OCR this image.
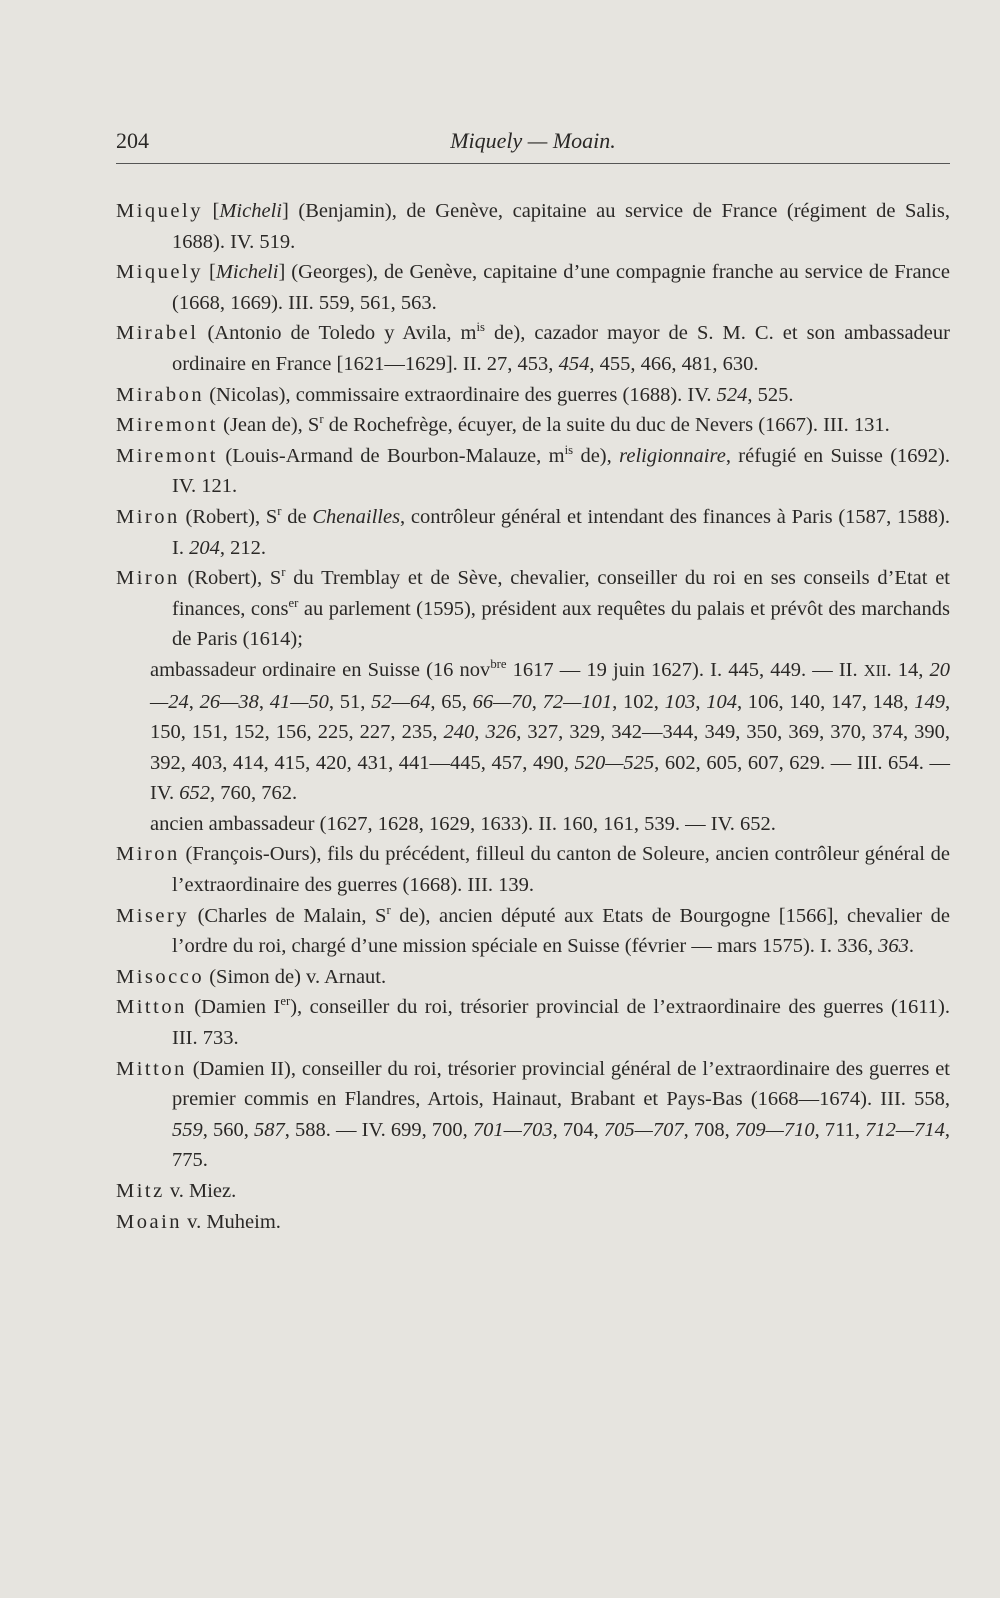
204	Miquely — Moain.

Miquely [Micheli] (Benjamin), de Genève, capitaine au service de France (régiment de Salis, 1688). IV. 519.

Miquely [Micheli] (Georges), de Genève, capitaine d’une compagnie franche au service de France (1668, 1669). III. 559, 561, 563.

Mirabel (Antonio de Toledo y Avila, $m^{is}$ de), cazador mayor de S. M. C. et son ambassadeur ordinaire en France [1621—1629]. II. 27, 453, 454, 455, 466, 481, 630.

Mirabon (Nicolas), commissaire extraordinaire des guerres (1688). IV. 524, 525.

Miremont (Jean de), $S^r$ de Rochefrège, écuyer, de la suite du duc de Nevers (1667). III. 131.

Miremont (Louis-Armand de Bourbon-Malauze, $m^{is}$ de), religionnaire, réfugié en Suisse (1692). IV. 121.

Miron (Robert), $S^r$ de Chenailles, contrôleur général et intendant des finances à Paris (1587, 1588). I. 204, 212.

Miron (Robert), $S^r$ du Tremblay et de Sève, chevalier, conseiller du roi en ses conseils d’Etat et finances, cons$^{er}$ au parlement (1595), président aux requêtes du palais et prévôt des marchands de Paris (1614);

ambassadeur ordinaire en Suisse (16 nov$^{bre}$ 1617 — 19 juin 1627). I. 445, 449. — II. XII. 14, 20—24, 26—38, 41—50, 51, 52—64, 65, 66—70, 72—101, 102, 103, 104, 106, 140, 147, 148, 149, 150, 151, 152, 156, 225, 227, 235, 240, 326, 327, 329, 342—344, 349, 350, 369, 370, 374, 390, 392, 403, 414, 415, 420, 431, 441—445, 457, 490, 520—525, 602, 605, 607, 629. — III. 654. — IV. 652, 760, 762.

ancien ambassadeur (1627, 1628, 1629, 1633). II. 160, 161, 539. — IV. 652.

Miron (François-Ours), fils du précédent, filleul du canton de Soleure, ancien contrôleur général de l’extraordinaire des guerres (1668). III. 139.

Misery (Charles de Malain, $S^r$ de), ancien député aux Etats de Bourgogne [1566], chevalier de l’ordre du roi, chargé d’une mission spéciale en Suisse (février — mars 1575). I. 336, 363.

Misocco (Simon de) v. Arnaut.

Mitton (Damien Ier), conseiller du roi, trésorier provincial de l’extraordinaire des guerres (1611). III. 733.

Mitton (Damien II), conseiller du roi, trésorier provincial général de l’extraordinaire des guerres et premier commis en Flandres, Artois, Hainaut, Brabant et Pays-Bas (1668—1674). III. 558, 559, 560, 587, 588. — IV. 699, 700, 701—703, 704, 705—707, 708, 709—710, 711, 712—714, 775.

Mitz v. Miez.

Moain v. Muheim.
